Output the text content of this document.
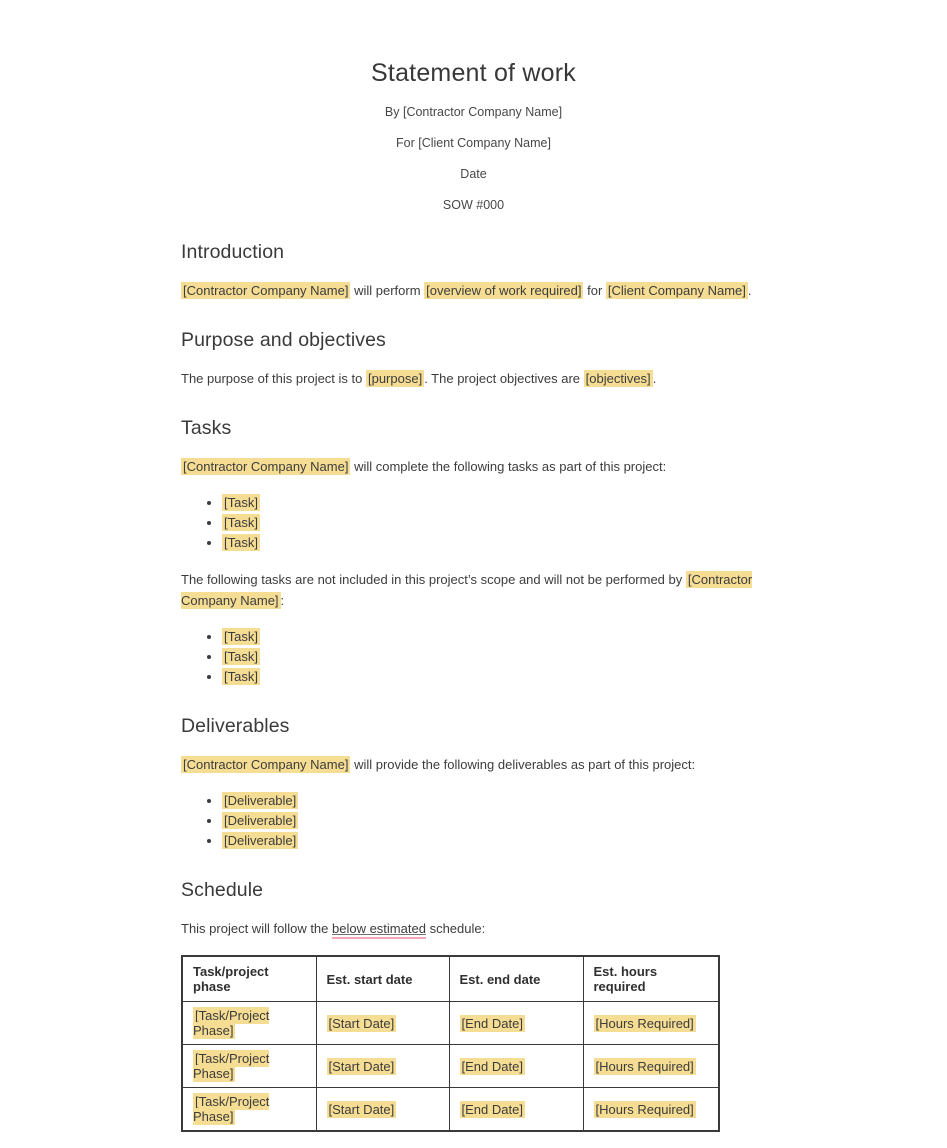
Statement of work

By [Contractor Company Name]

For [Client Company Name]

Date

SOW #000

Introduction

[Contractor Company Name] will perform [overview of work required] for [Client Company Name] .

Purpose and objectives

The purpose of this project is to [purpose] . The project objectives are [objectives] .

Tasks

[Contractor Company Name] will complete the following tasks as part of this project:

• [Task]
• [Task]
• [Task]

The following tasks are not included in this project’s scope and will not be performed by [Contractor Company Name] :

• [Task]
• [Task]
• [Task]
Deliverables

[Contractor Company Name] will provide the following deliverables as part of this project:

• [Deliverable]
• [Deliverable]
• [Deliverable]
Schedule

This project will follow the below estimated schedule:

Task/project phase	Est. start date	Est. end date	Est. hours required
[Task/Project Phase]	[Start Date]	[End Date]	[Hours Required]
[Task/Project Phase]	[Start Date]	[End Date]	[Hours Required]
[Task/Project Phase]	[Start Date]	[End Date]	[Hours Required]
